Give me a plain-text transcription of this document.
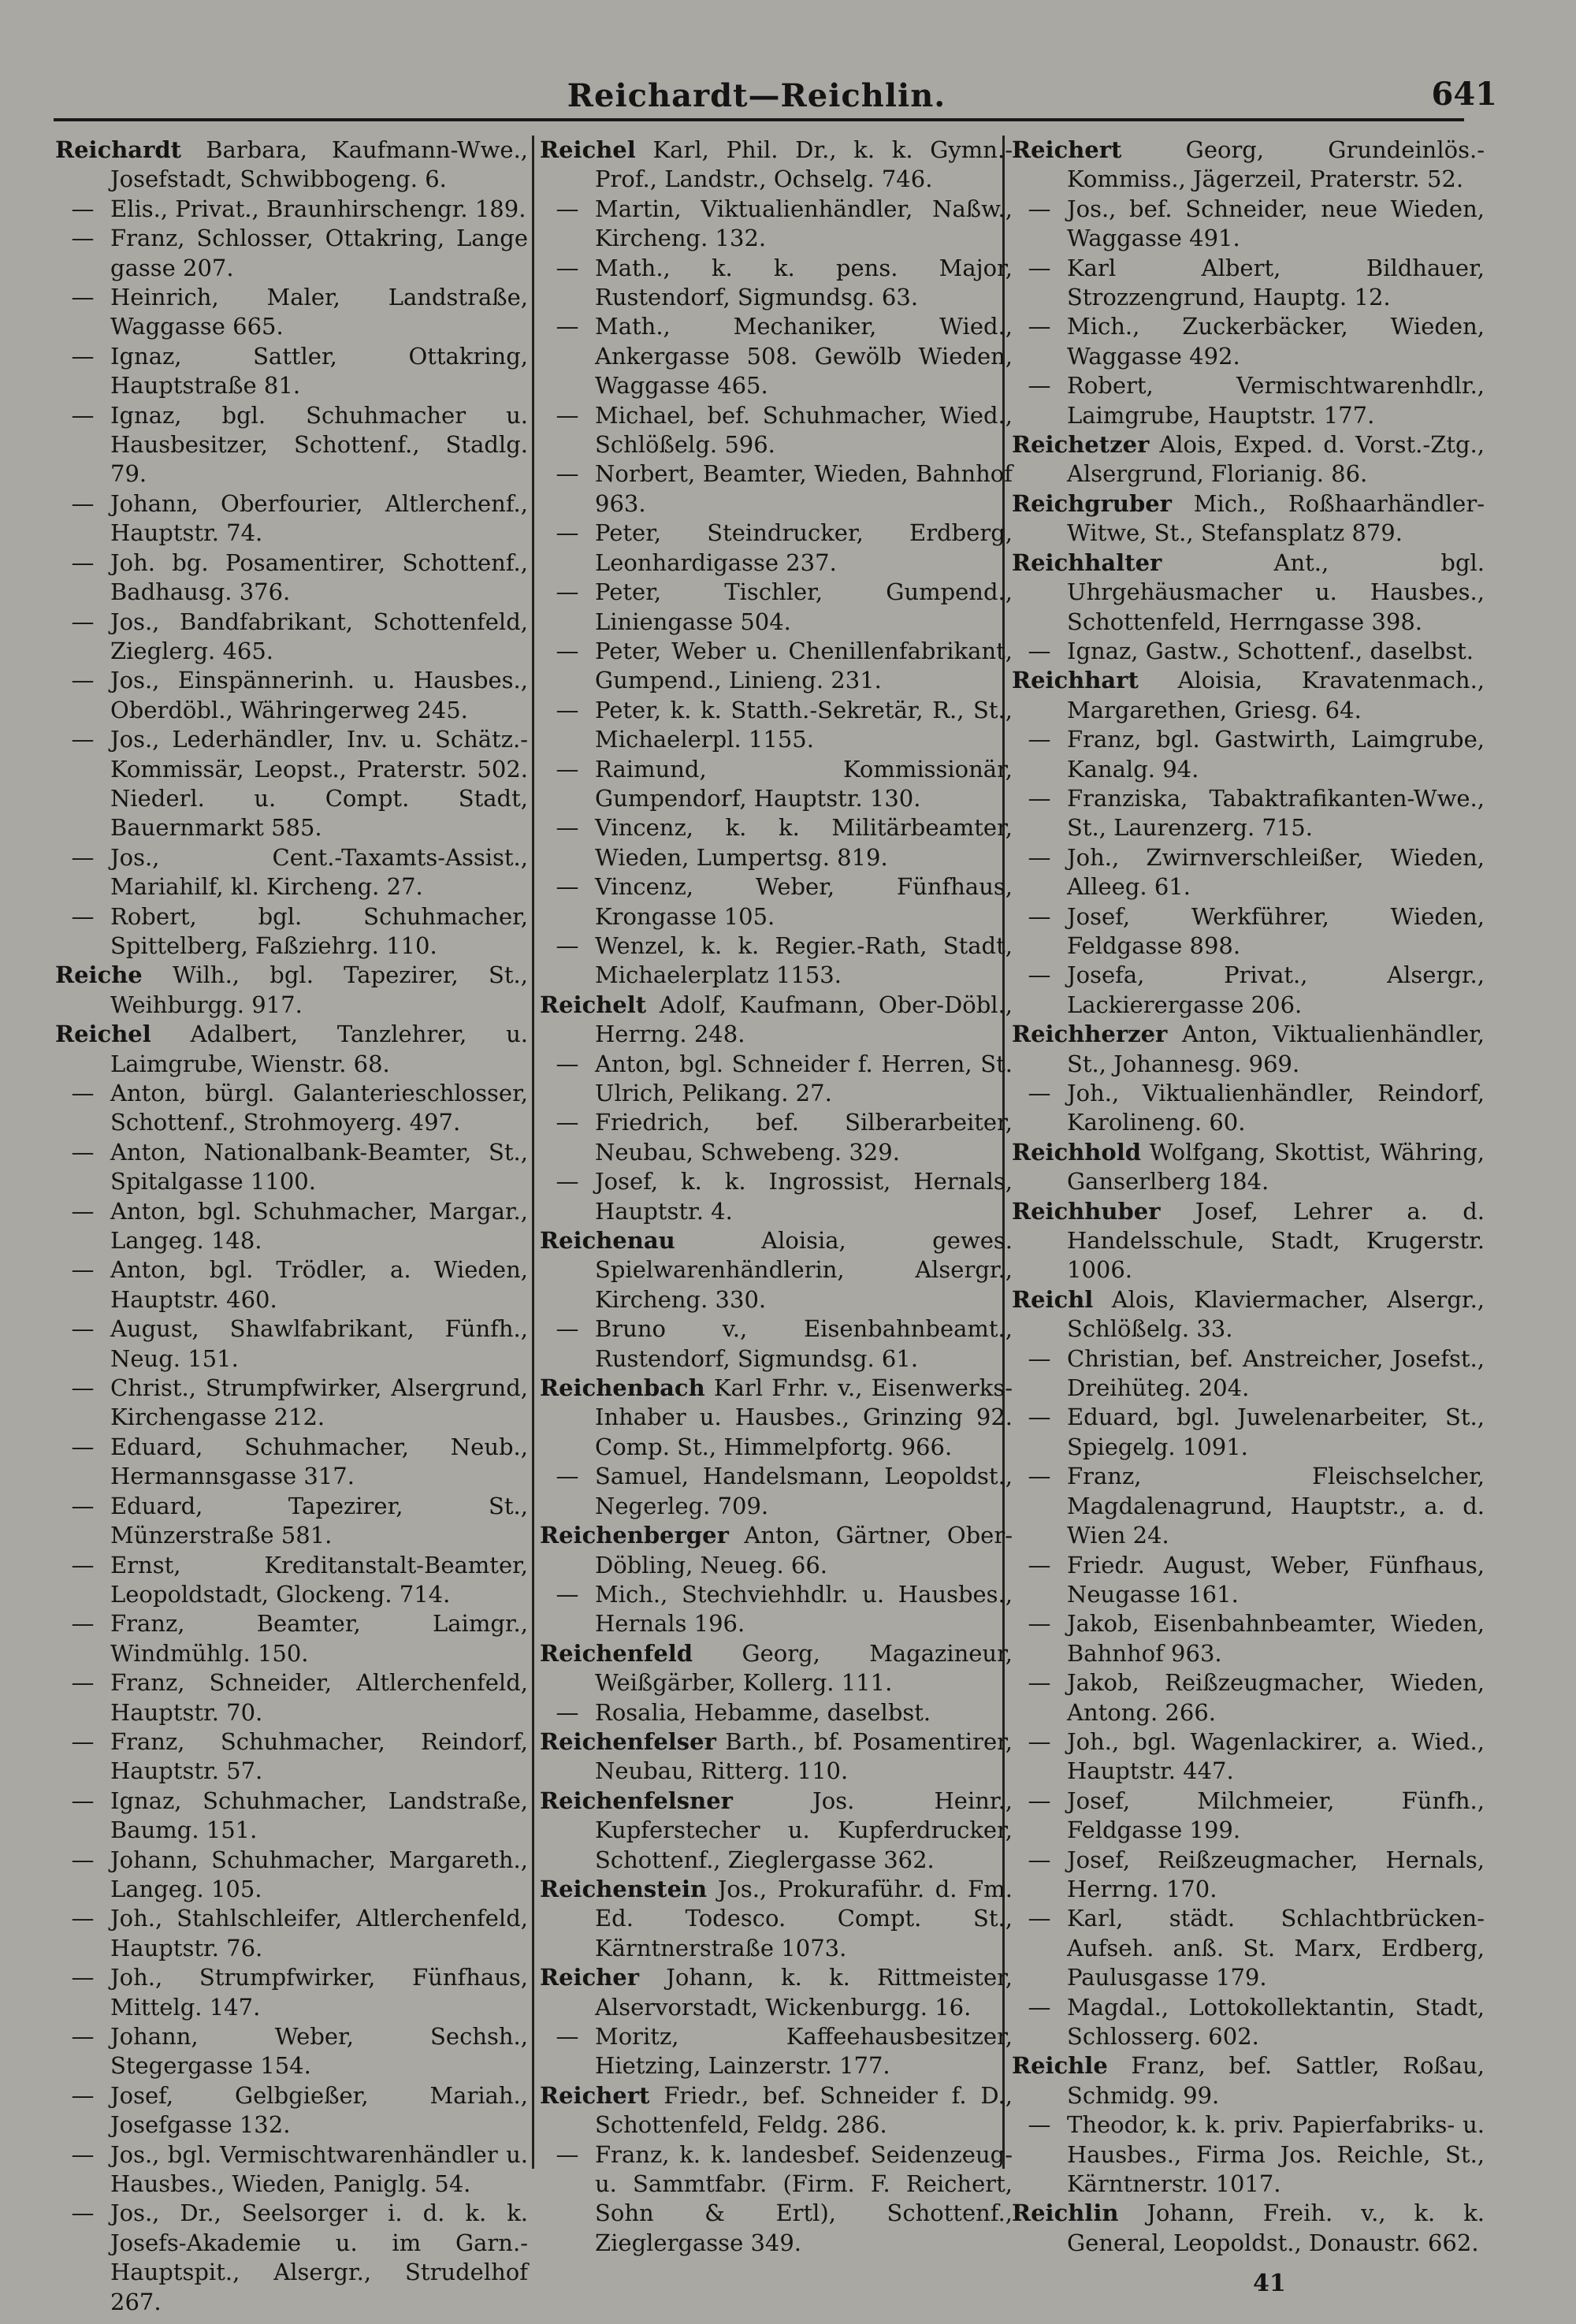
Reichardt—Reichlin.	641
Reichardt Barbara, Kaufmann-Wwe., Josefstadt, Schwibbogeng. 6.
— Elis., Privat., Braunhirschengr. 189.
— Franz, Schlosser, Ottakring, Lange gasse 207.
— Heinrich, Maler, Landstraße, Waggasse 665.
— Ignaz, Sattler, Ottakring, Hauptstraße 81.
— Ignaz, bgl. Schuhmacher u. Hausbesitzer, Schottenf., Stadlg. 79.
— Johann, Oberfourier, Altlerchenf., Hauptstr. 74.
— Joh. bg. Posamentirer, Schottenf., Badhausg. 376.
— Jos., Bandfabrikant, Schottenfeld, Zieglerg. 465.
— Jos., Einspännerinh. u. Hausbes., Oberdöbl., Währingerweg 245.
— Jos., Lederhändler, Inv. u. Schätz.-Kommissär, Leopst., Praterstr. 502. Niederl. u. Compt. Stadt, Bauernmarkt 585.
— Jos., Cent.-Taxamts-Assist., Mariahilf, kl. Kircheng. 27.
— Robert, bgl. Schuhmacher, Spittelberg, Faßziehrg. 110.
Reiche Wilh., bgl. Tapezirer, St., Weihburgg. 917.
Reichel Adalbert, Tanzlehrer, u. Laimgrube, Wienstr. 68.
— Anton, bürgl. Galanterieschlosser, Schottenf., Strohmoyerg. 497.
— Anton, Nationalbank-Beamter, St., Spitalgasse 1100.
— Anton, bgl. Schuhmacher, Margar., Langeg. 148.
— Anton, bgl. Trödler, a. Wieden, Hauptstr. 460.
— August, Shawlfabrikant, Fünfh., Neug. 151.
— Christ., Strumpfwirker, Alsergrund, Kirchengasse 212.
— Eduard, Schuhmacher, Neub., Hermannsgasse 317.
— Eduard, Tapezirer, St., Münzerstraße 581.
— Ernst, Kreditanstalt-Beamter, Leopoldstadt, Glockeng. 714.
— Franz, Beamter, Laimgr., Windmühlg. 150.
— Franz, Schneider, Altlerchenfeld, Hauptstr. 70.
— Franz, Schuhmacher, Reindorf, Hauptstr. 57.
— Ignaz, Schuhmacher, Landstraße, Baumg. 151.
— Johann, Schuhmacher, Margareth., Langeg. 105.
— Joh., Stahlschleifer, Altlerchenfeld, Hauptstr. 76.
— Joh., Strumpfwirker, Fünfhaus, Mittelg. 147.
— Johann, Weber, Sechsh., Stegergasse 154.
— Josef, Gelbgießer, Mariah., Josefgasse 132.
— Jos., bgl. Vermischtwarenhändler u. Hausbes., Wieden, Paniglg. 54.
— Jos., Dr., Seelsorger i. d. k. k. Josefs-Akademie u. im Garn.-Hauptspit., Alsergr., Strudelhof 267.
Reichel Karl, Phil. Dr., k. k. Gymn.-Prof., Landstr., Ochselg. 746.
— Martin, Viktualienhändler, Naßw., Kircheng. 132.
— Math., k. k. pens. Major, Rustendorf, Sigmundsg. 63.
— Math., Mechaniker, Wied., Ankergasse 508. Gewölb Wieden, Waggasse 465.
— Michael, bef. Schuhmacher, Wied., Schlößelg. 596.
— Norbert, Beamter, Wieden, Bahnhof 963.
— Peter, Steindrucker, Erdberg, Leonhardigasse 237.
— Peter, Tischler, Gumpend., Liniengasse 504.
— Peter, Weber u. Chenillenfabrikant, Gumpend., Linieng. 231.
— Peter, k. k. Statth.-Sekretär, R., St., Michaelerpl. 1155.
— Raimund, Kommissionär, Gumpendorf, Hauptstr. 130.
— Vincenz, k. k. Militärbeamter, Wieden, Lumpertsg. 819.
— Vincenz, Weber, Fünfhaus, Krongasse 105.
— Wenzel, k. k. Regier.-Rath, Stadt, Michaelerplatz 1153.
Reichelt Adolf, Kaufmann, Ober-Döbl., Herrng. 248.
— Anton, bgl. Schneider f. Herren, St. Ulrich, Pelikang. 27.
— Friedrich, bef. Silberarbeiter, Neubau, Schwebeng. 329.
— Josef, k. k. Ingrossist, Hernals, Hauptstr. 4.
Reichenau	Aloisia, gewes. Spielwarenhändlerin, Alsergr., Kircheng. 330.
— Bruno v., Eisenbahnbeamt., Rustendorf, Sigmundsg. 61.
Reichenbach Karl Frhr. v., Eisenwerks-Inhaber u. Hausbes., Grinzing 92. Comp. St., Himmelpfortg. 966.
— Samuel, Handelsmann, Leopoldst., Negerleg. 709.
Reichenberger Anton, Gärtner, Ober-Döbling, Neueg. 66.
— Mich., Stechviehhdlr. u. Hausbes., Hernals 196.
Reichenfeld Georg, Magazineur, Weißgärber, Kollerg. 111.
— Rosalia, Hebamme, daselbst.
Reichenfelser Barth., bf. Posamentirer, Neubau, Ritterg. 110.
Reichenfelsner	Jos. Heinr., Kupferstecher u. Kupferdrucker, Schottenf., Zieglergasse 362.
Reichenstein Jos., Prokuraführ. d. Fm. Ed. Todesco. Compt. St., Kärntnerstraße 1073.
Reicher Johann, k. k. Rittmeister, Alservorstadt, Wickenburgg. 16.
— Moritz, Kaffeehausbesitzer, Hietzing, Lainzerstr. 177.
Reichert Friedr., bef. Schneider f. D., Schottenfeld, Feldg. 286.
— Franz, k. k. landesbef. Seidenzeug- u. Sammtfabr. (Firm. F. Reichert, Sohn & Ertl), Schottenf., Zieglergasse 349.
Reichert	Georg, Grundeinlös.-Kommiss., Jägerzeil, Praterstr. 52.
— Jos., bef. Schneider, neue Wieden, Waggasse 491.
— Karl Albert, Bildhauer, Strozzengrund, Hauptg. 12.
— Mich., Zuckerbäcker, Wieden, Waggasse 492.
— Robert, Vermischtwarenhdlr., Laimgrube, Hauptstr. 177.
Reichetzer Alois, Exped. d. Vorst.-Ztg., Alsergrund, Florianig. 86.
Reichgruber Mich., Roßhaarhändler-Witwe, St., Stefansplatz 879.
Reichhalter	Ant., bgl. Uhrgehäusmacher u. Hausbes., Schottenfeld, Herrngasse 398.
— Ignaz, Gastw., Schottenf., daselbst.
Reichhart Aloisia, Kravatenmach., Margarethen, Griesg. 64.
— Franz, bgl. Gastwirth, Laimgrube, Kanalg. 94.
— Franziska, Tabaktrafikanten-Wwe., St., Laurenzerg. 715.
— Joh., Zwirnverschleißer, Wieden, Alleeg. 61.
— Josef, Werkführer, Wieden, Feldgasse 898.
— Josefa, Privat., Alsergr., Lackierergasse 206.
Reichherzer Anton, Viktualienhändler, St., Johannesg. 969.
— Joh., Viktualienhändler, Reindorf, Karolineng. 60.
Reichhold Wolfgang, Skottist, Währing, Ganserlberg 184.
Reichhuber Josef, Lehrer a. d. Handelsschule, Stadt, Krugerstr. 1006.
Reichl Alois, Klaviermacher, Alsergr., Schlößelg. 33.
— Christian, bef. Anstreicher, Josefst., Dreihüteg. 204.
— Eduard, bgl. Juwelenarbeiter, St., Spiegelg. 1091.
— Franz, Fleischselcher, Magdalenagrund, Hauptstr., a. d. Wien 24.
— Friedr. August, Weber, Fünfhaus, Neugasse 161.
— Jakob, Eisenbahnbeamter, Wieden, Bahnhof 963.
— Jakob, Reißzeugmacher, Wieden, Antong. 266.
— Joh., bgl. Wagenlackirer, a. Wied., Hauptstr. 447.
— Josef, Milchmeier, Fünfh., Feldgasse 199.
— Josef, Reißzeugmacher, Hernals, Herrng. 170.
— Karl, städt. Schlachtbrücken-Aufseh. anß. St. Marx, Erdberg, Paulusgasse 179.
— Magdal., Lottokollektantin, Stadt, Schlosserg. 602.
Reichle Franz, bef. Sattler, Roßau, Schmidg. 99.
— Theodor, k. k. priv. Papierfabriks- u. Hausbes., Firma Jos. Reichle, St., Kärntnerstr. 1017.
Reichlin Johann, Freih. v., k. k. General, Leopoldst., Donaustr. 662.
41
